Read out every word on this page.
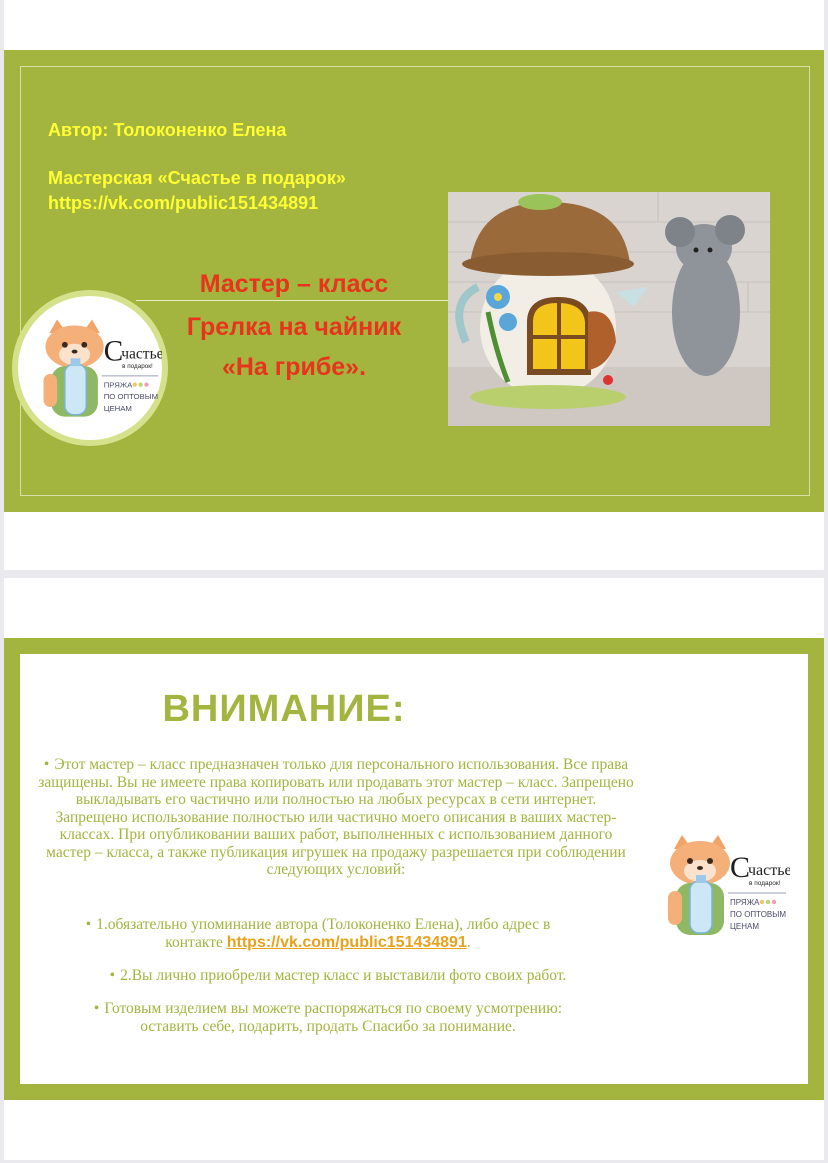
Автор: Толоконенко Елена
Мастерская «Счастье в подарок»
https://vk.com/public151434891
Мастер – класс
Грелка на чайник
«На грибе».
ВНИМАНИЕ:
• Этот мастер – класс предназначен только для персонального использования. Все права защищены. Вы не имеете права копировать или продавать этот мастер – класс. Запрещено выкладывать его частично или полностью на любых ресурсах в сети интернет. Запрещено использование полностью или частично моего описания в ваших мастер-классах. При опубликовании ваших работ, выполненных с использованием данного мастер – класса, а также публикация игрушек на продажу разрешается при соблюдении следующих условий:
• 1.обязательно упоминание автора (Толоконенко Елена), либо адрес в контакте https://vk.com/public151434891.
• 2.Вы лично приобрели мастер класс и выставили фото своих работ.
• Готовым изделием вы можете распоряжаться по своему усмотрению: оставить себе, подарить, продать Спасибо за понимание.
